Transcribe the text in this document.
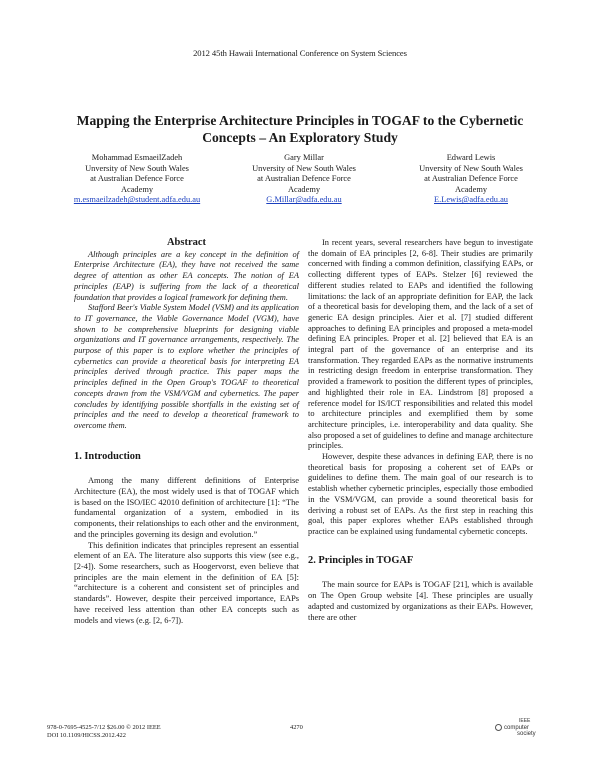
2012 45th Hawaii International Conference on System Sciences
Mapping the Enterprise Architecture Principles in TOGAF to the Cybernetic
Concepts – An Exploratory Study
Mohammad EsmaeilZadeh
Unversity of New South Wales
at Australian Defence Force
Academy
m.esmaeilzadeh@student.adfa.edu.au
Gary Millar
Unversity of New South Wales
at Australian Defence Force
Academy
G.Millar@adfa.edu.au
Edward Lewis
Unversity of New South Wales
at Australian Defence Force
Academy
E.Lewis@adfa.edu.au
Abstract

Although principles are a key concept in the definition of Enterprise Architecture (EA), they have not received the same degree of attention as other EA concepts. The notion of EA principles (EAP) is suffering from the lack of a theoretical foundation that provides a logical framework for defining them.

Stafford Beer's Viable System Model (VSM) and its application to IT governance, the Viable Governance Model (VGM), have shown to be comprehensive blueprints for designing viable organizations and IT governance arrangements, respectively. The purpose of this paper is to explore whether the principles of cybernetics can provide a theoretical basis for interpreting EA principles derived through practice. This paper maps the principles defined in the Open Group's TOGAF to theoretical concepts drawn from the VSM/VGM and cybernetics. The paper concludes by identifying possible shortfalls in the existing set of principles and the need to develop a theoretical framework to overcome them.

1. Introduction

Among the many different definitions of Enterprise Architecture (EA), the most widely used is that of TOGAF which is based on the ISO/IEC 42010 definition of architecture [1]: “The fundamental organization of a system, embodied in its components, their relationships to each other and the environment, and the principles governing its design and evolution.”

This definition indicates that principles represent an essential element of an EA. The literature also supports this view (see e.g., [2-4]). Some researchers, such as Hoogervorst, even believe that principles are the main element in the definition of EA [5]: “architecture is a coherent and consistent set of principles and standards”. However, despite their perceived importance, EAPs have received less attention than other EA concepts such as models and views (e.g. [2, 6-7]).

In recent years, several researchers have begun to investigate the domain of EA principles [2, 6-8]. Their studies are primarily concerned with finding a common definition, classifying EAPs, or collecting different types of EAPs. Stelzer [6] reviewed the different studies related to EAPs and identified the following limitations: the lack of an appropriate definition for EAP, the lack of a theoretical basis for developing them, and the lack of a set of generic EA design principles. Aier et al. [7] studied different approaches to defining EA principles and proposed a meta-model defining EA principles. Proper et al. [2] believed that EA is an integral part of the governance of an enterprise and its transformation. They regarded EAPs as the normative instruments in restricting design freedom in enterprise transformation. They provided a framework to position the different types of principles, and highlighted their role in EA. Lindstrom [8] proposed a reference model for IS/ICT responsibilities and related this model to architecture principles and exemplified them by some architecture principles, i.e. interoperability and data quality. She also proposed a set of guidelines to define and manage architecture principles.

However, despite these advances in defining EAP, there is no theoretical basis for proposing a coherent set of EAPs or guidelines to define them. The main goal of our research is to establish whether cybernetic principles, especially those embodied in the VSM/VGM, can provide a sound theoretical basis for deriving a robust set of EAPs. As the first step in reaching this goal, this paper explores whether EAPs established through practice can be explained using fundamental cybernetic concepts.

2. Principles in TOGAF

The main source for EAPs is TOGAF [21], which is available on The Open Group website [4]. These principles are usually adapted and customized by organizations as their EAPs. However, there are other

978-0-7695-4525-7/12 $26.00 © 2012 IEEE
DOI 10.1109/HICSS.2012.422
4270
IEEE
computer
society
